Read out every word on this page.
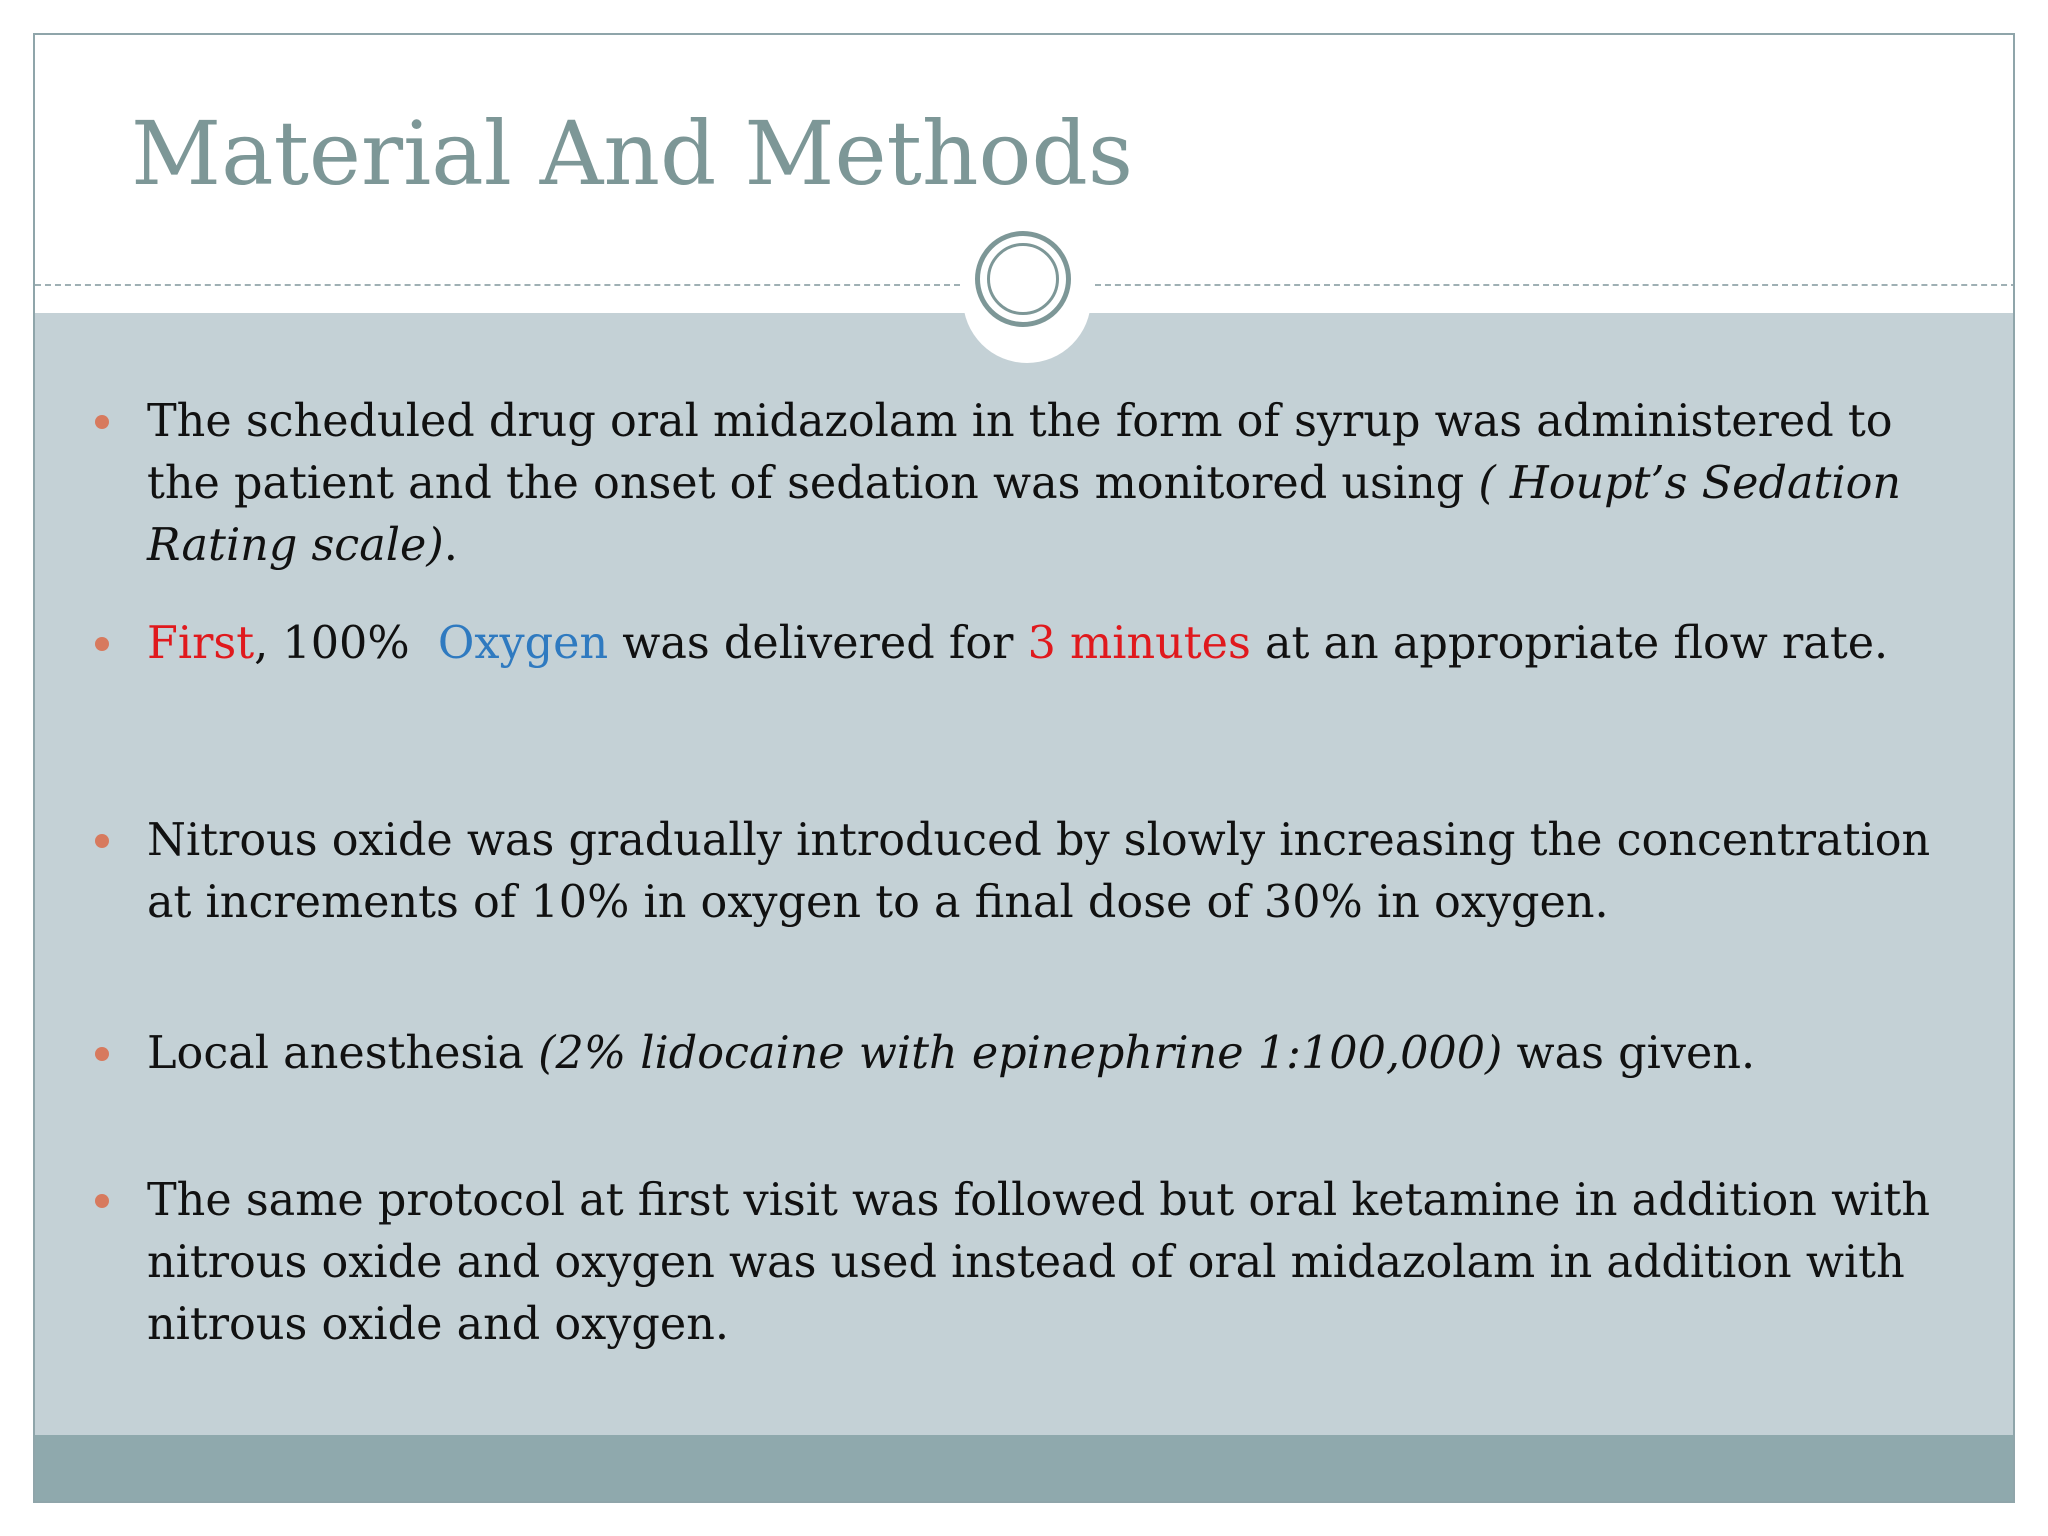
Material And Methods
The scheduled drug oral midazolam in the form of syrup was administered to the patient and the onset of sedation was monitored using ( Houpt’s Sedation Rating scale).
First, 100%  Oxygen was delivered for 3 minutes at an appropriate flow rate.
Nitrous oxide was gradually introduced by slowly increasing the concentration at increments of 10% in oxygen to a final dose of 30% in oxygen.
Local anesthesia (2% lidocaine with epinephrine 1:100,000) was given.
The same protocol at first visit was followed but oral ketamine in addition with nitrous oxide and oxygen was used instead of oral midazolam in addition with nitrous oxide and oxygen.
